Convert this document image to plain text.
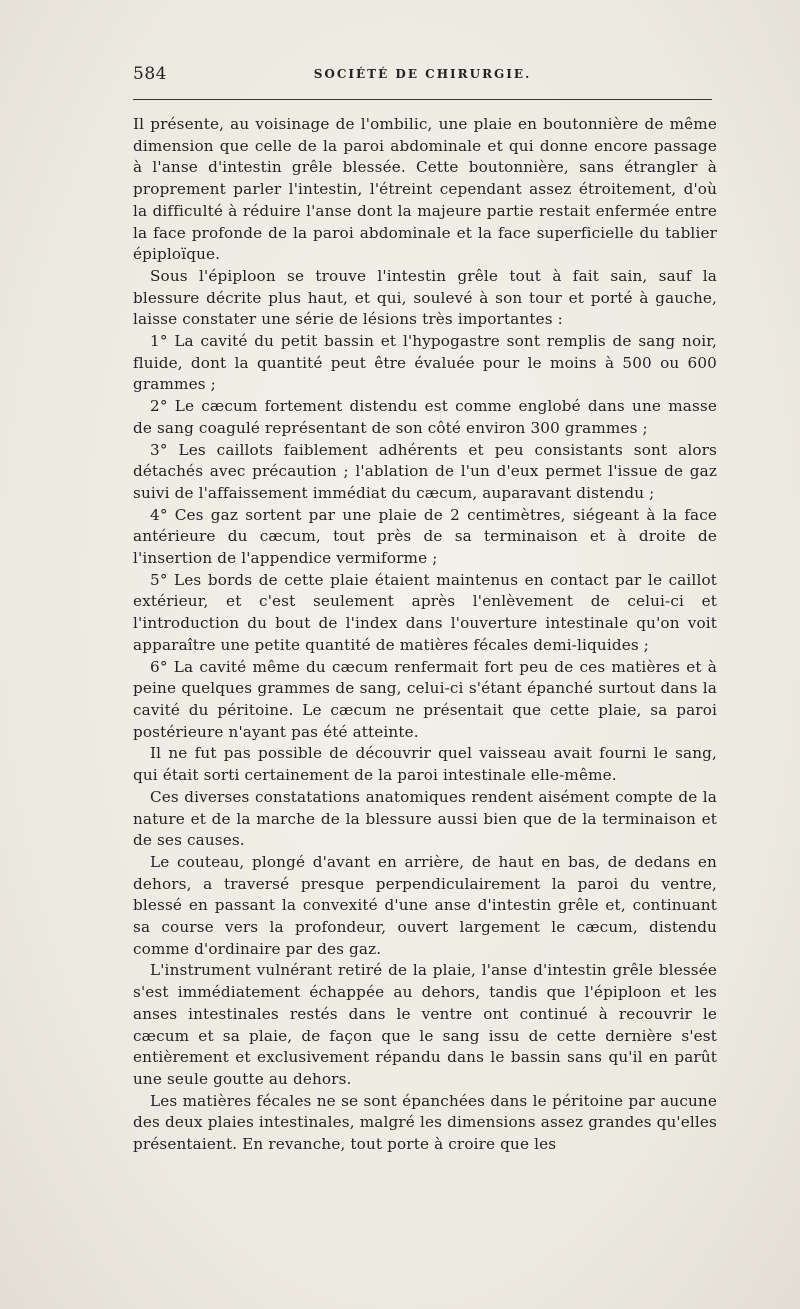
584	SOCIÉTÉ DE CHIRURGIE.

Il présente, au voisinage de l'ombilic, une plaie en boutonnière de même dimension que celle de la paroi abdominale et qui donne encore passage à l'anse d'intestin grêle blessée. Cette boutonnière, sans étrangler à proprement parler l'intestin, l'étreint cependant assez étroitement, d'où la difficulté à réduire l'anse dont la majeure partie restait enfermée entre la face profonde de la paroi abdominale et la face superficielle du tablier épiploïque.

Sous l'épiploon se trouve l'intestin grêle tout à fait sain, sauf la blessure décrite plus haut, et qui, soulevé à son tour et porté à gauche, laisse constater une série de lésions très importantes :

1° La cavité du petit bassin et l'hypogastre sont remplis de sang noir, fluide, dont la quantité peut être évaluée pour le moins à 500 ou 600 grammes ;

2° Le cæcum fortement distendu est comme englobé dans une masse de sang coagulé représentant de son côté environ 300 grammes ;

3° Les caillots faiblement adhérents et peu consistants sont alors détachés avec précaution ; l'ablation de l'un d'eux permet l'issue de gaz suivi de l'affaissement immédiat du cæcum, auparavant distendu ;

4° Ces gaz sortent par une plaie de 2 centimètres, siégeant à la face antérieure du cæcum, tout près de sa terminaison et à droite de l'insertion de l'appendice vermiforme ;

5° Les bords de cette plaie étaient maintenus en contact par le caillot extérieur, et c'est seulement après l'enlèvement de celui-ci et l'introduction du bout de l'index dans l'ouverture intestinale qu'on voit apparaître une petite quantité de matières fécales demi-liquides ;

6° La cavité même du cæcum renfermait fort peu de ces matières et à peine quelques grammes de sang, celui-ci s'étant épanché surtout dans la cavité du péritoine. Le cæcum ne présentait que cette plaie, sa paroi postérieure n'ayant pas été atteinte.

Il ne fut pas possible de découvrir quel vaisseau avait fourni le sang, qui était sorti certainement de la paroi intestinale elle-même.

Ces diverses constatations anatomiques rendent aisément compte de la nature et de la marche de la blessure aussi bien que de la terminaison et de ses causes.

Le couteau, plongé d'avant en arrière, de haut en bas, de dedans en dehors, a traversé presque perpendiculairement la paroi du ventre, blessé en passant la convexité d'une anse d'intestin grêle et, continuant sa course vers la profondeur, ouvert largement le cæcum, distendu comme d'ordinaire par des gaz.

L'instrument vulnérant retiré de la plaie, l'anse d'intestin grêle blessée s'est immédiatement échappée au dehors, tandis que l'épiploon et les anses intestinales restés dans le ventre ont continué à recouvrir le cæcum et sa plaie, de façon que le sang issu de cette dernière s'est entièrement et exclusivement répandu dans le bassin sans qu'il en parût une seule goutte au dehors.

Les matières fécales ne se sont épanchées dans le péritoine par aucune des deux plaies intestinales, malgré les dimensions assez grandes qu'elles présentaient. En revanche, tout porte à croire que les
